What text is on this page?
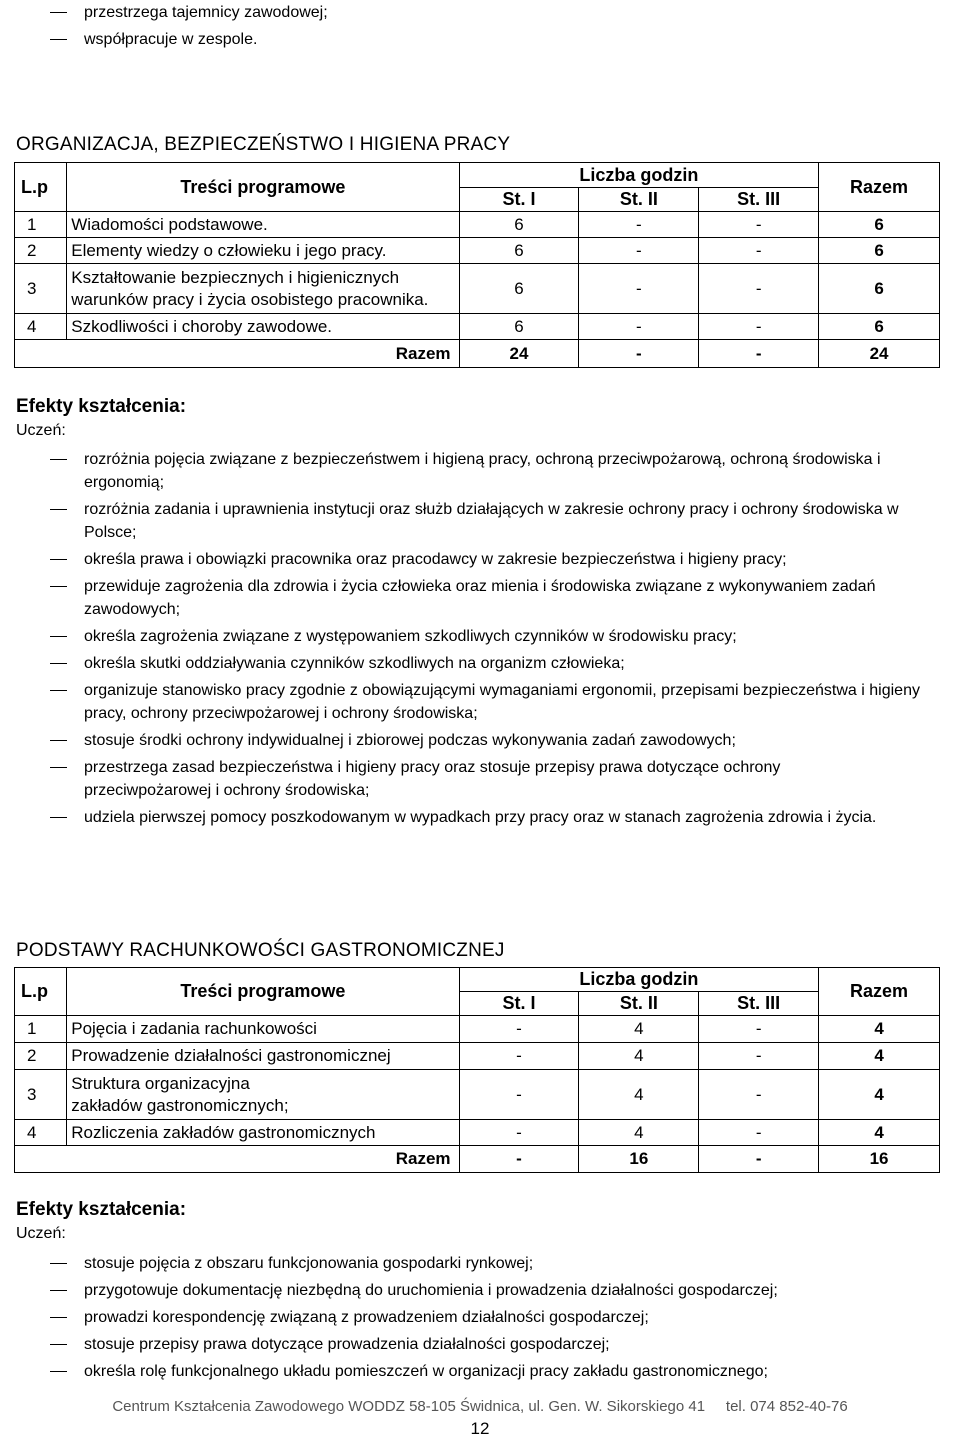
przestrzega tajemnicy zawodowej;
współpracuje w zespole.
ORGANIZACJA, BEZPIECZEŃSTWO I HIGIENA PRACY
L.p	Treści programowe	Liczba godzin			Razem
		St. I	St. II	St. III	
1	Wiadomości podstawowe.	6	-	-	6
2	Elementy wiedzy o człowieku i jego pracy.	6	-	-	6
3	Kształtowanie bezpiecznych i higienicznych warunków pracy i życia osobistego pracownika.	6	-	-	6
4	Szkodliwości i choroby zawodowe.	6	-	-	6
Razem		24	-	-	24
Efekty kształcenia:
Uczeń:
rozróżnia pojęcia związane z bezpieczeństwem i higieną pracy, ochroną przeciwpożarową, ochroną środowiska i ergonomią;
rozróżnia zadania i uprawnienia instytucji oraz służb działających w zakresie ochrony pracy i ochrony środowiska w Polsce;
określa prawa i obowiązki pracownika oraz pracodawcy w zakresie bezpieczeństwa i higieny pracy;
przewiduje zagrożenia dla zdrowia i życia człowieka oraz mienia i środowiska związane z wykonywaniem zadań zawodowych;
określa zagrożenia związane z występowaniem szkodliwych czynników w środowisku pracy;
określa skutki oddziaływania czynników szkodliwych na organizm człowieka;
organizuje stanowisko pracy zgodnie z obowiązującymi wymaganiami ergonomii, przepisami bezpieczeństwa i higieny pracy, ochrony przeciwpożarowej i ochrony środowiska;
stosuje środki ochrony indywidualnej i zbiorowej podczas wykonywania zadań zawodowych;
przestrzega zasad bezpieczeństwa i higieny pracy oraz stosuje przepisy prawa dotyczące ochrony przeciwpożarowej i ochrony środowiska;
udziela pierwszej pomocy poszkodowanym w wypadkach przy pracy oraz w stanach zagrożenia zdrowia i życia.
PODSTAWY RACHUNKOWOŚCI GASTRONOMICZNEJ
L.p	Treści programowe	Liczba godzin			Razem
		St. I	St. II	St. III	
1	Pojęcia i zadania rachunkowości	-	4	-	4
2	Prowadzenie działalności gastronomicznej	-	4	-	4
3	Struktura organizacyjna zakładów gastronomicznych;	-	4	-	4
4	Rozliczenia zakładów gastronomicznych	-	4	-	4
Razem		-	16	-	16
Efekty kształcenia:
Uczeń:
stosuje pojęcia z obszaru funkcjonowania gospodarki rynkowej;
przygotowuje dokumentację niezbędną do uruchomienia i prowadzenia działalności gospodarczej;
prowadzi korespondencję związaną z prowadzeniem działalności gospodarczej;
stosuje przepisy prawa dotyczące prowadzenia działalności gospodarczej;
określa rolę funkcjonalnego układu pomieszczeń w organizacji pracy zakładu gastronomicznego;
Centrum Kształcenia Zawodowego WODDZ 58-105 Świdnica, ul. Gen. W. Sikorskiego 41     tel. 074 852-40-76
12
